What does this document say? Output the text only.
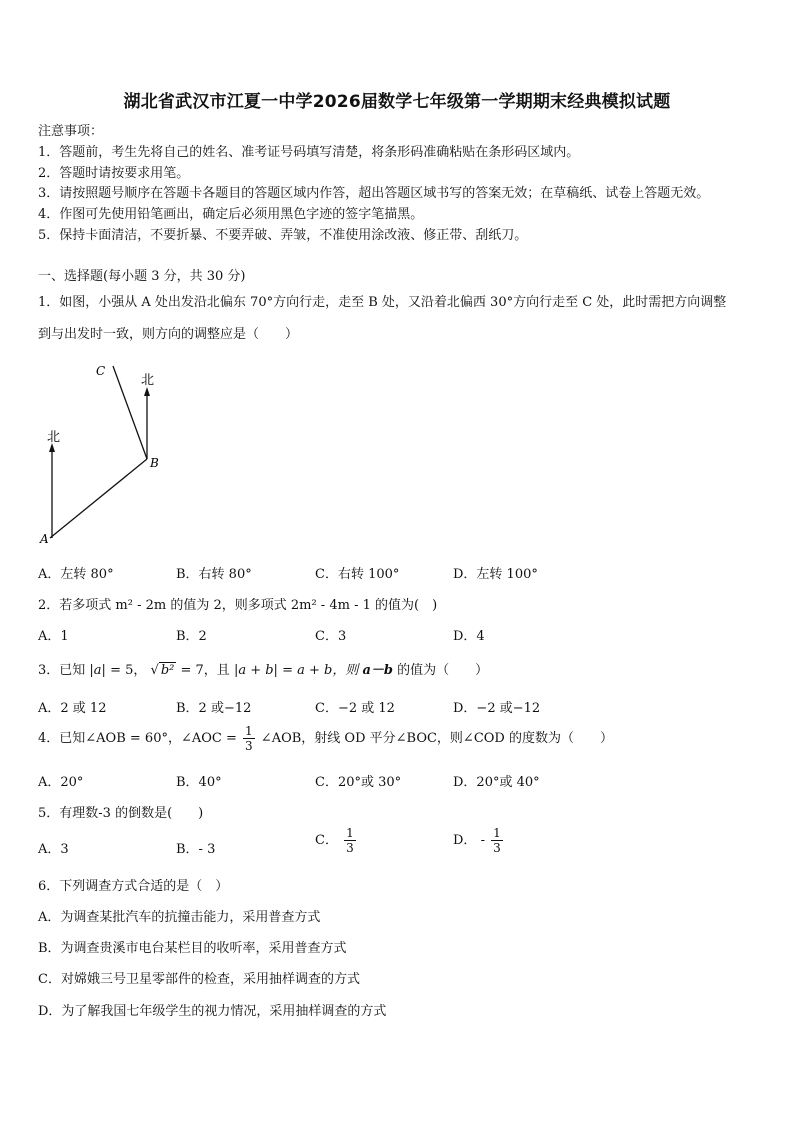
湖北省武汉市江夏一中学2026届数学七年级第一学期期末经典模拟试题
注意事项：
1．答题前，考生先将自己的姓名、准考证号码填写清楚，将条形码准确粘贴在条形码区域内。
2．答题时请按要求用笔。
3．请按照题号顺序在答题卡各题目的答题区域内作答，超出答题区域书写的答案无效；在草稿纸、试卷上答题无效。
4．作图可先使用铅笔画出，确定后必须用黑色字迹的签字笔描黑。
5．保持卡面清洁，不要折暴、不要弄破、弄皱，不准使用涂改液、修正带、刮纸刀。
一、选择题(每小题 3 分，共 30 分)
1．如图，小强从 A 处出发沿北偏东 70°方向行走，走至 B 处，又沿着北偏西 30°方向行走至 C 处，此时需把方向调整
到与出发时一致，则方向的调整应是（　　）
北
北
A
B
C
A．左转 80°	B．右转 80°	C．右转 100°	D．左转 100°
2．若多项式 m² - 2m 的值为 2，则多项式 2m² - 4m - 1 的值为(　)
A．1	B．2	C．3	D．4
3．已知 |a| = 5， √ b² = 7，且 |a + b| = a + b，则 a－b 的值为（　　）
A．2 或 12	B．2 或−12	C．−2 或 12	D．−2 或−12
4．已知∠AOB = 60°，∠AOC = $\frac{1}{3}$ ∠AOB，射线 OD 平分∠BOC，则∠COD 的度数为（　　）
A．20°	B．40°	C．20°或 30°	D．20°或 40°
5．有理数-3 的倒数是(　　)
A．3	B．- 3
C． $\frac{1}{3}$	D． - $\frac{1}{3}$
6．下列调查方式合适的是（　）
A．为调查某批汽车的抗撞击能力，采用普查方式
B．为调查贵溪市电台某栏目的收听率，采用普查方式
C．对嫦娥三号卫星零部件的检查，采用抽样调查的方式
D．为了解我国七年级学生的视力情况，采用抽样调查的方式
